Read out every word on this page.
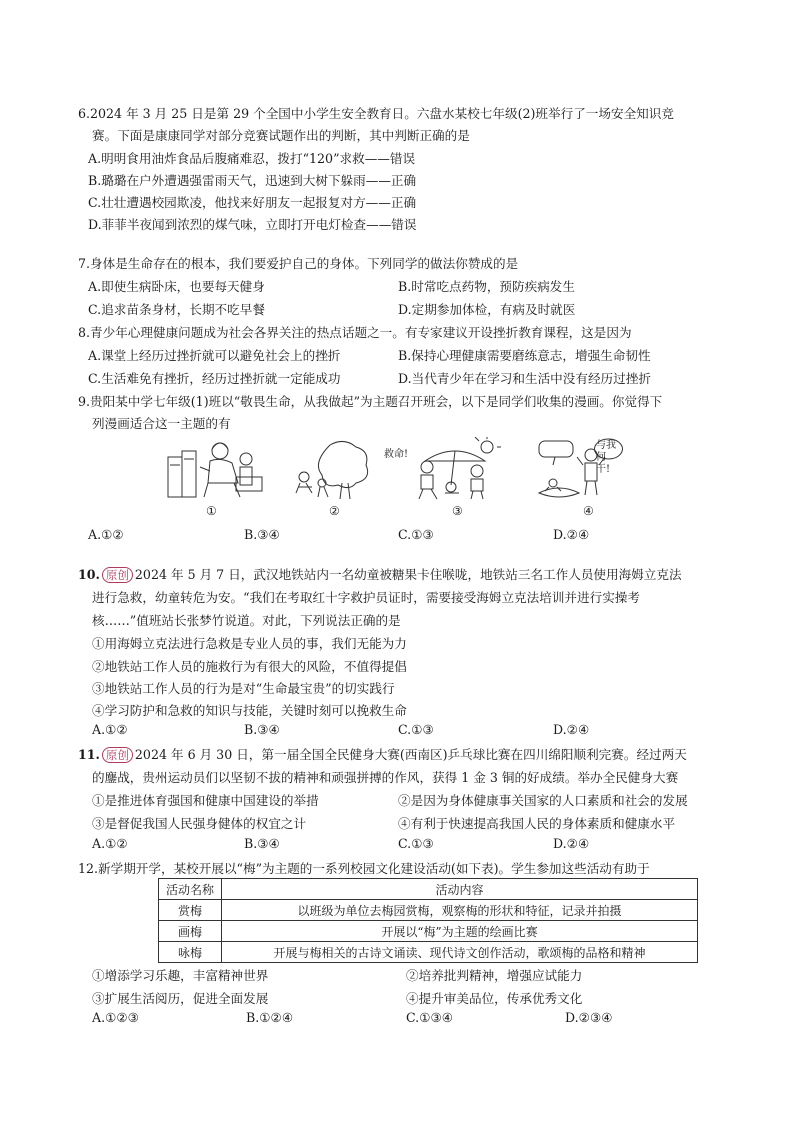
6.2024 年 3 月 25 日是第 29 个全国中小学生安全教育日。六盘水某校七年级(2)班举行了一场安全知识竞
赛。下面是康康同学对部分竞赛试题作出的判断，其中判断正确的是
A.明明食用油炸食品后腹痛难忍，拨打“120”求救——错误
B.璐璐在户外遭遇强雷雨天气，迅速到大树下躲雨——正确
C.壮壮遭遇校园欺凌，他找来好朋友一起报复对方——正确
D.菲菲半夜闻到浓烈的煤气味，立即打开电灯检查——错误
7.身体是生命存在的根本，我们要爱护自己的身体。下列同学的做法你赞成的是
A.即使生病卧床，也要每天健身	B.时常吃点药物，预防疾病发生
C.追求苗条身材，长期不吃早餐	D.定期参加体检，有病及时就医
8.青少年心理健康问题成为社会各界关注的热点话题之一。有专家建议开设挫折教育课程，这是因为
A.课堂上经历过挫折就可以避免社会上的挫折	B.保持心理健康需要磨练意志，增强生命韧性
C.生活难免有挫折，经历过挫折就一定能成功	D.当代青少年在学习和生活中没有经历过挫折
9.贵阳某中学七年级(1)班以“敬畏生命，从我做起”为主题召开班会，以下是同学们收集的漫画。你觉得下
列漫画适合这一主题的有
救命!
与我何干!
①	②	③	④
A.①②	B.③④	C.①③	D.②④
10. 原创 2024 年 5 月 7 日，武汉地铁站内一名幼童被糖果卡住喉咙，地铁站三名工作人员使用海姆立克法
进行急救，幼童转危为安。“我们在考取红十字救护员证时，需要接受海姆立克法培训并进行实操考
核……”值班站长张梦竹说道。对此，下列说法正确的是
①用海姆立克法进行急救是专业人员的事，我们无能为力
②地铁站工作人员的施救行为有很大的风险，不值得提倡
③地铁站工作人员的行为是对“生命最宝贵”的切实践行
④学习防护和急救的知识与技能，关键时刻可以挽救生命
A.①②	B.③④	C.①③	D.②④
11. 原创 2024 年 6 月 30 日，第一届全国全民健身大赛(西南区)乒乓球比赛在四川绵阳顺利完赛。经过两天
的鏖战，贵州运动员们以坚韧不拔的精神和顽强拼搏的作风，获得 1 金 3 铜的好成绩。举办全民健身大赛
①是推进体育强国和健康中国建设的举措	②是因为身体健康事关国家的人口素质和社会的发展
③是督促我国人民强身健体的权宜之计	④有利于快速提高我国人民的身体素质和健康水平
A.①②	B.③④	C.①③	D.②④
12.新学期开学，某校开展以“梅”为主题的一系列校园文化建设活动(如下表)。学生参加这些活动有助于
活动名称	活动内容
赏梅	以班级为单位去梅园赏梅，观察梅的形状和特征，记录并拍摄
画梅	开展以“梅”为主题的绘画比赛
咏梅	开展与梅相关的古诗文诵读、现代诗文创作活动，歌颂梅的品格和精神
①增添学习乐趣，丰富精神世界	②培养批判精神，增强应试能力
③扩展生活阅历，促进全面发展	④提升审美品位，传承优秀文化
A.①②③	B.①②④	C.①③④	D.②③④
